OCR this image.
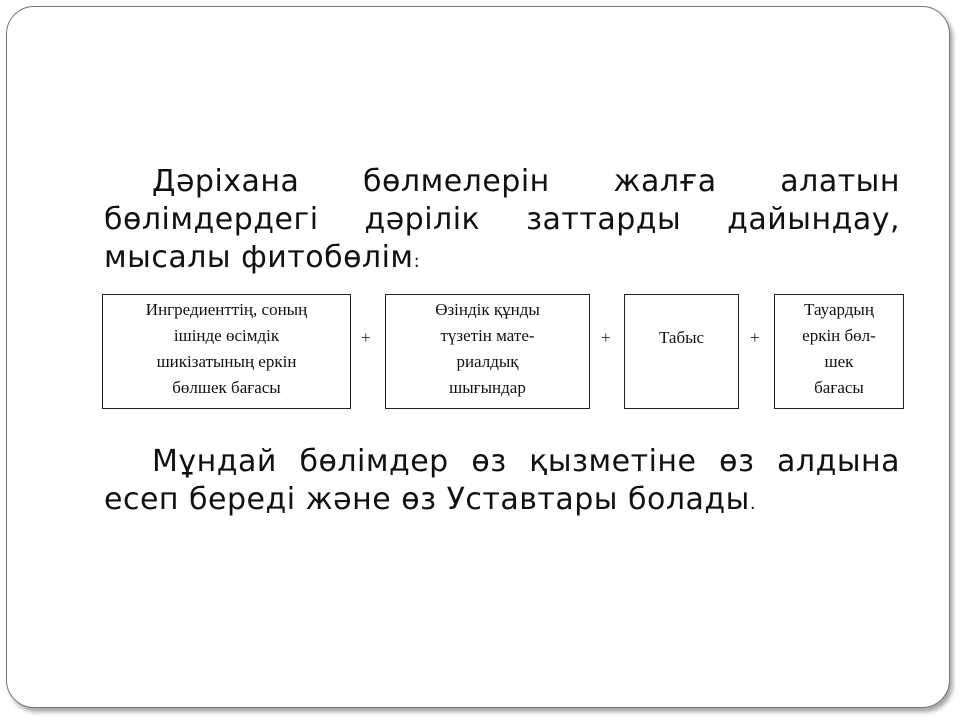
Дәріхана бөлмелерін жалға алатын бөлімдердегі дәрілік заттарды дайындау, мысалы фитобөлім:

Ингредиенттің, соның
ішінде өсімдік
шикізатының еркін
бөлшек бағасы
+
Өзіндік құнды
түзетін мате-
риалдық
шығындар
+	Табыс	+
Тауардың
еркін бөл-
шек
бағасы

Мұндай бөлімдер өз қызметіне өз алдына есеп береді және өз Уставтары болады.
